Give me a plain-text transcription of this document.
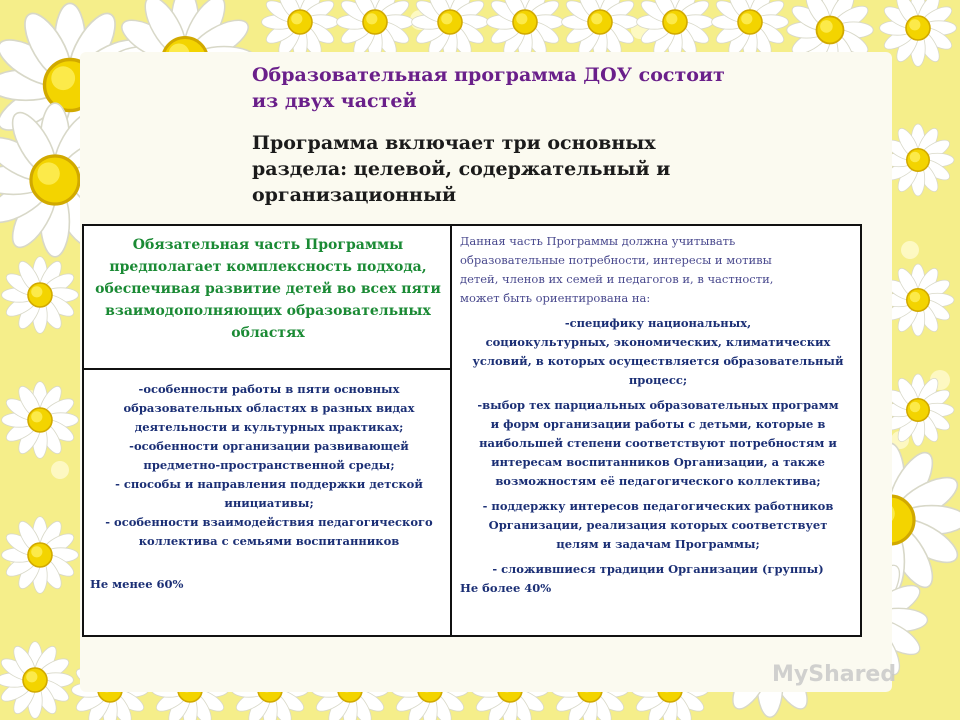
Образовательная программа ДОУ состоит
из двух частей
Программа включает три основных
раздела: целевой, содержательный и
организационный
Обязательная часть Программы
предполагает комплексность подхода,
обеспечивая развитие детей во всех пяти
взаимодополняющих образовательных
областях
-особенности работы в пяти основных
образовательных областях в разных видах
деятельности и культурных практиках;
-особенности организации развивающей
предметно-пространственной среды;
- способы и направления поддержки детской
инициативы;
- особенности взаимодействия педагогического
коллектива с семьями воспитанников
Не менее 60%
Данная часть Программы должна учитывать
образовательные потребности, интересы и мотивы
детей, членов их семей и педагогов и, в частности,
может быть ориентирована на:
-специфику национальных,
социокультурных, экономических, климатических
условий, в которых осуществляется образовательный
процесс;
-выбор тех парциальных образовательных программ
и форм организации работы с детьми, которые в
наибольшей степени соответствуют потребностям и
интересам воспитанников Организации, а также
возможностям её педагогического коллектива;
- поддержку интересов педагогических работников
Организации, реализация которых соответствует
целям и задачам Программы;
- сложившиеся традиции Организации (группы)
Не более 40%
MyShared
